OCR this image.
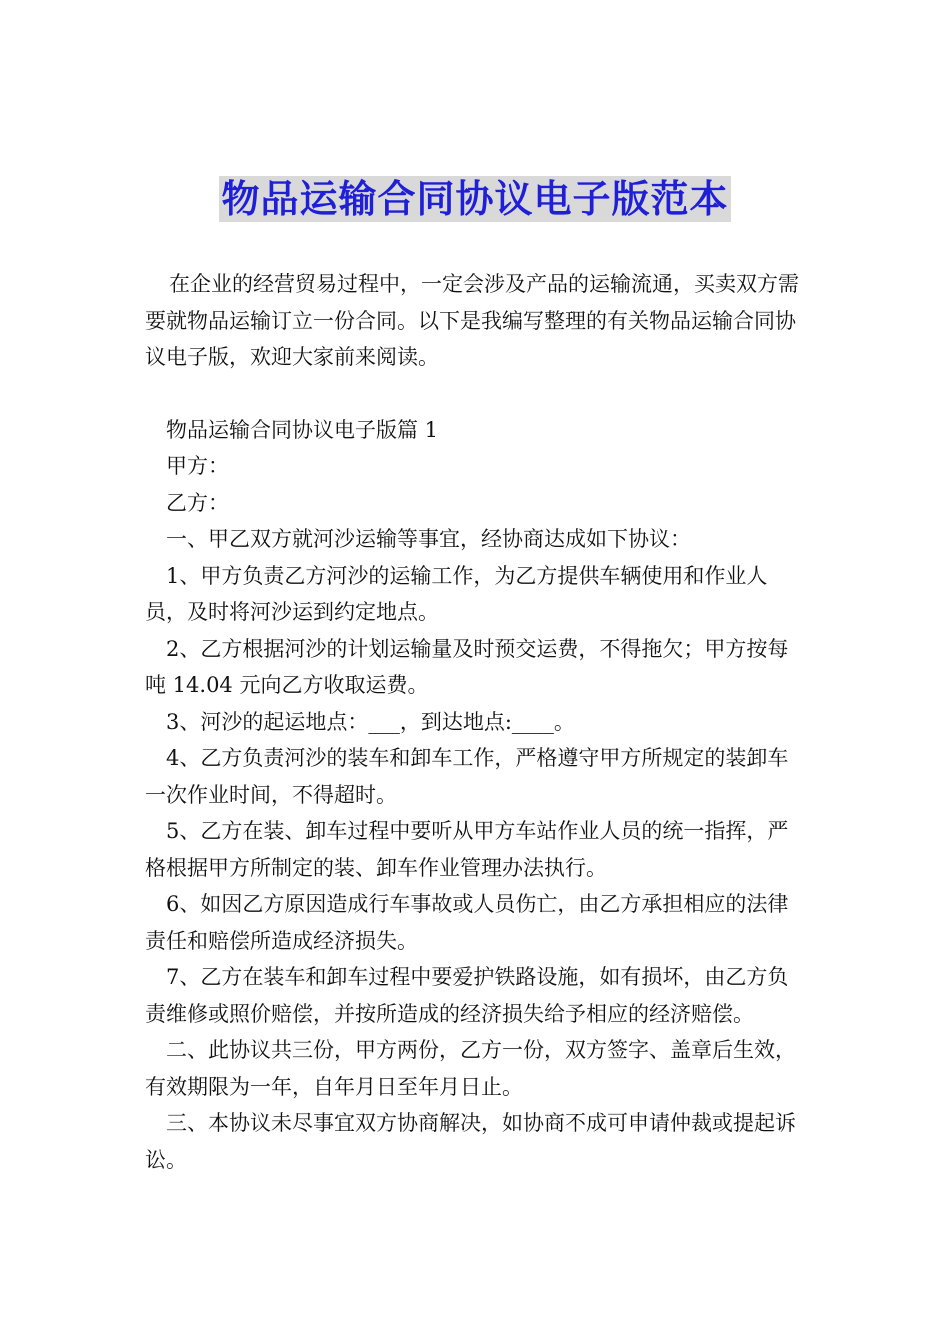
物品运输合同协议电子版范本

在企业的经营贸易过程中，一定会涉及产品的运输流通，买卖双方需要就物品运输订立一份合同。以下是我编写整理的有关物品运输合同协议电子版，欢迎大家前来阅读。

物品运输合同协议电子版篇 1

甲方：

乙方：

一、甲乙双方就河沙运输等事宜，经协商达成如下协议：

1、甲方负责乙方河沙的运输工作，为乙方提供车辆使用和作业人员，及时将河沙运到约定地点。

2、乙方根据河沙的计划运输量及时预交运费，不得拖欠；甲方按每吨 14.04 元向乙方收取运费。

3、河沙的起运地点：___，到达地点:____。

4、乙方负责河沙的装车和卸车工作，严格遵守甲方所规定的装卸车一次作业时间，不得超时。

5、乙方在装、卸车过程中要听从甲方车站作业人员的统一指挥，严格根据甲方所制定的装、卸车作业管理办法执行。

6、如因乙方原因造成行车事故或人员伤亡，由乙方承担相应的法律责任和赔偿所造成经济损失。

7、乙方在装车和卸车过程中要爱护铁路设施，如有损坏，由乙方负责维修或照价赔偿，并按所造成的经济损失给予相应的经济赔偿。

二、此协议共三份，甲方两份，乙方一份，双方签字、盖章后生效，有效期限为一年，自年月日至年月日止。

三、本协议未尽事宜双方协商解决，如协商不成可申请仲裁或提起诉讼。
